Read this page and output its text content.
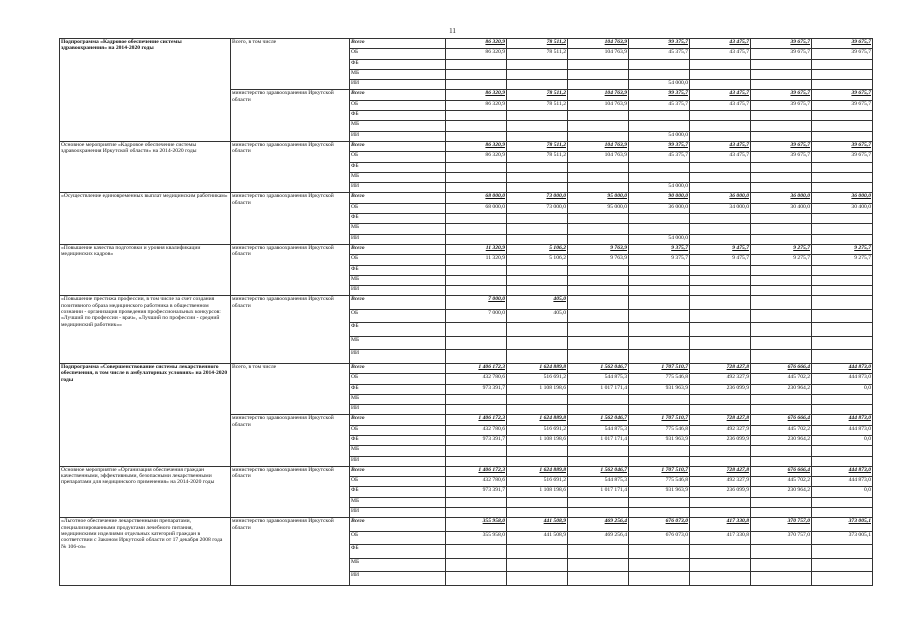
11
Подпрограмма «Кадровое обеспечение системы здравоохранения» на 2014-2020 годы	Всего, в том числе	Всего	86 320,9	78 511,2	104 763,9	99 375,7	43 475,7	39 675,7	39 675,7
		ОБ	86 320,9	78 511,2	104 763,9	45 375,7	43 475,7	39 675,7	39 675,7
		ФБ							
		МБ							
		ИИ				54 000,0			
	министерство здравоохранения Иркутской области	Всего	86 320,9	78 511,2	104 763,9	99 375,7	43 475,7	39 675,7	39 675,7
		ОБ	86 320,9	78 511,2	104 763,9	45 375,7	43 475,7	39 675,7	39 675,7
		ФБ							
		МБ							
		ИИ				54 000,0			
Основное мероприятие «Кадровое обеспечение системы здравоохранения Иркутской области» на 2014-2020 годы	министерство здравоохранения Иркутской области	Всего	86 320,9	78 511,2	104 763,9	99 375,7	43 475,7	39 675,7	39 675,7
		ОБ	86 320,9	78 511,2	104 763,9	45 375,7	43 475,7	39 675,7	39 675,7
		ФБ							
		МБ							
		ИИ				54 000,0			
«Осуществление единовременных выплат медицинским работникам»	министерство здравоохранения Иркутской области	Всего	68 000,0	73 000,0	95 000,0	90 000,0	36 000,0	36 000,0	36 000,0
		ОБ	68 000,0	73 000,0	95 000,0	36 000,0	34 000,0	30 400,0	30 400,0
		ФБ							
		МБ							
		ИИ				54 000,0			
«Повышение качества подготовки и уровня квалификации медицинских кадров»	министерство здравоохранения Иркутской области	Всего	11 320,9	5 106,2	9 763,9	9 375,7	9 475,7	9 275,7	9 275,7
		ОБ	11 320,9	5 106,2	9 763,9	9 375,7	9 475,7	9 275,7	9 275,7
		ФБ							
		МБ							
		ИИ							
«Повышение престижа профессии, в том числе за счет создания позитивного образа медицинского работника в общественном сознании - организация проведения профессиональных конкурсов: «Лучший по профессии - врач», «Лучший по профессии - средний медицинский работник»»	министерство здравоохранения Иркутской области	Всего	7 000,0	405,0					
		ОБ	7 000,0	405,0					
		ФБ							
		МБ							
		ИИ							
Подпрограмма «Совершенствование системы лекарственного обеспечения, в том числе в амбулаторных условиях» на 2014-2020 годы	Всего, в том числе	Всего	1 406 172,3	1 624 889,8	1 562 046,7	1 707 510,7	728 427,8	676 666,4	444 873,0
		ОБ	432 780,6	516 691,2	544 875,3	775 546,8	492 327,9	445 702,2	444 873,0
		ФБ	973 391,7	1 108 198,6	1 017 171,4	931 963,9	236 099,9	230 964,2	0,0
		МБ							
		ИИ							
	министерство здравоохранения Иркутской области	Всего	1 406 172,3	1 624 889,8	1 562 046,7	1 707 510,7	728 427,8	676 666,4	444 873,0
		ОБ	432 780,6	516 691,2	544 875,3	775 546,8	492 327,9	445 702,2	444 873,0
		ФБ	973 391,7	1 108 198,6	1 017 171,4	931 963,9	236 099,9	230 964,2	0,0
		МБ							
		ИИ							
Основное мероприятие «Организация обеспечения граждан качественными, эффективными, безопасными лекарственными препаратами для медицинского применения» на 2014-2020 годы	министерство здравоохранения Иркутской области	Всего	1 406 172,3	1 624 889,8	1 562 046,7	1 707 510,7	728 427,8	676 666,4	444 873,0
		ОБ	432 780,6	516 691,2	544 875,3	775 546,8	492 327,9	445 702,2	444 873,0
		ФБ	973 391,7	1 108 198,6	1 017 171,4	931 963,9	236 099,9	230 964,2	0,0
		МБ							
		ИИ							
«Льготное обеспечение лекарственными препаратами, специализированными продуктами лечебного питания, медицинскими изделиями отдельных категорий граждан в соответствии с Законом Иркутской области от 17 декабря 2008 года № 106-оз»	министерство здравоохранения Иркутской области	Всего	355 958,0	441 508,9	469 256,4	676 073,0	417 330,8	370 757,0	373 005,1
		ОБ	355 958,0	441 508,9	469 256,4	676 073,0	417 330,8	370 757,0	373 005,1
		ФБ							
		МБ							
		ИИ							
